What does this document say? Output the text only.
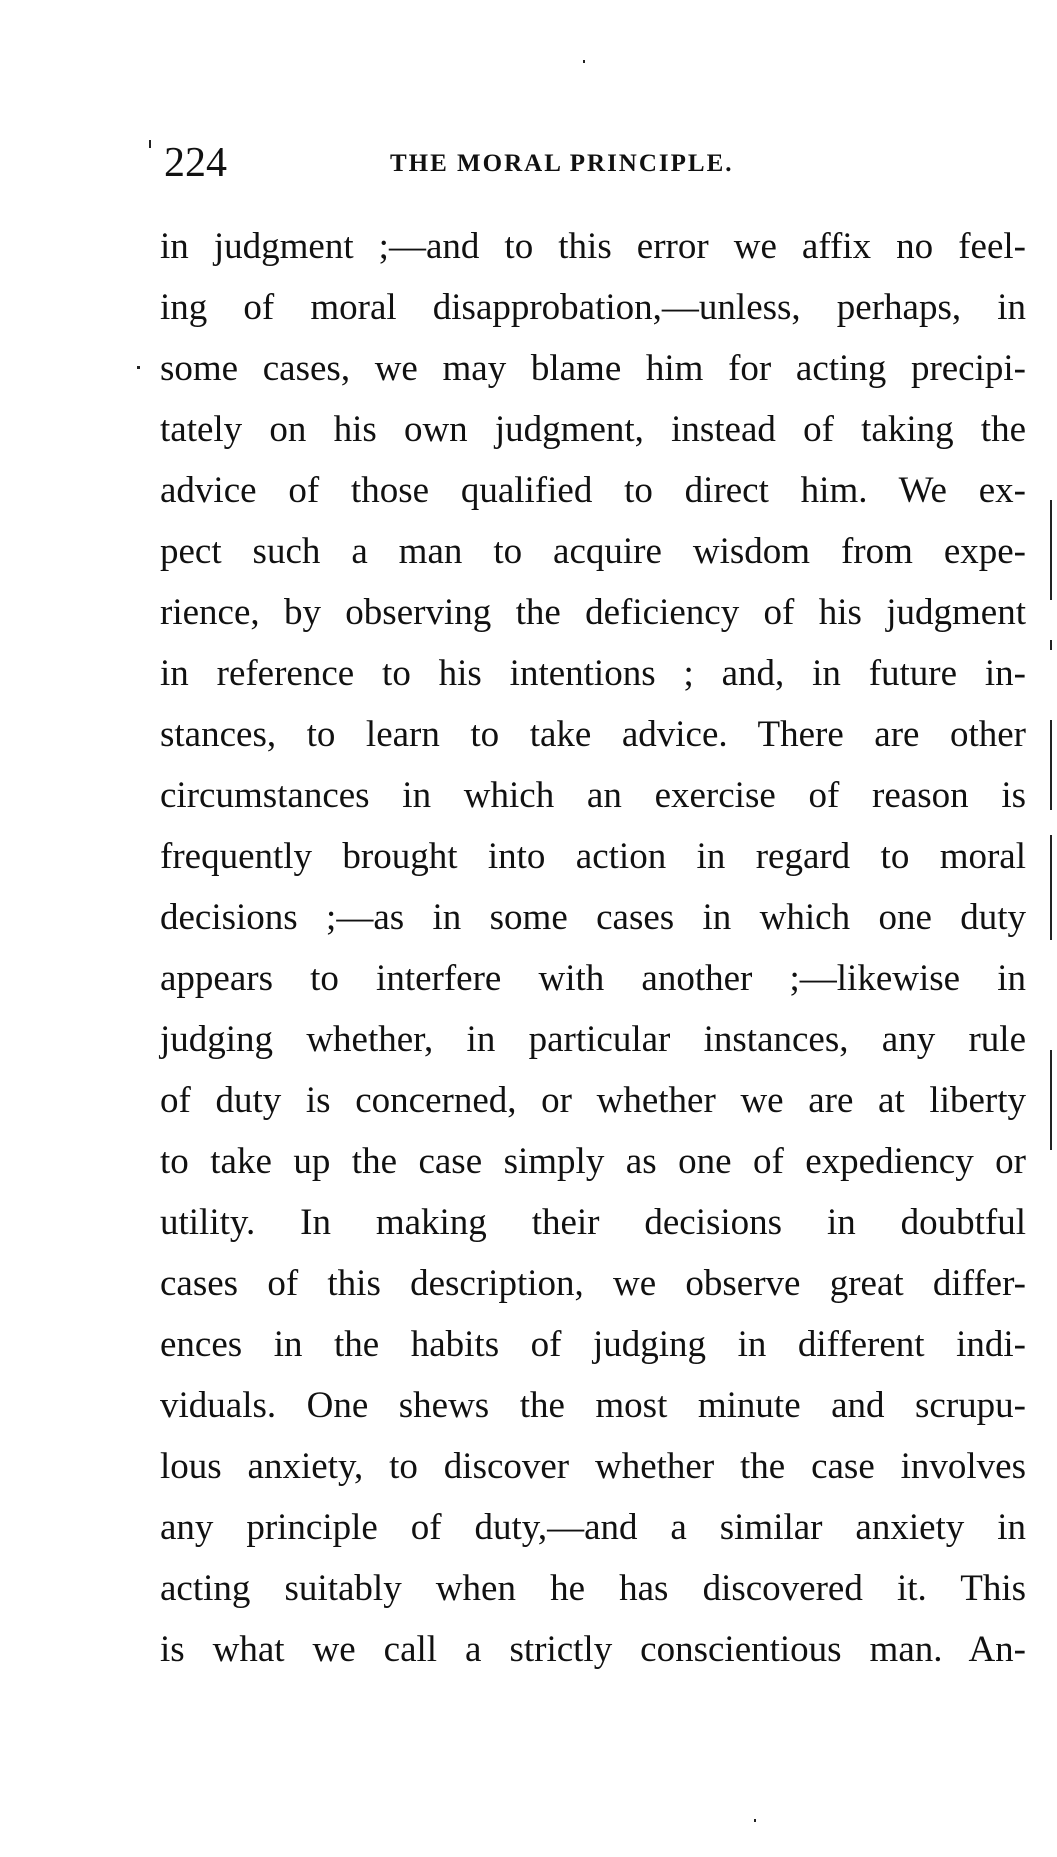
224	THE MORAL PRINCIPLE.
in judgment ;—and to this error we affix no feel-
ing of moral disapprobation,—unless, perhaps, in
some cases, we may blame him for acting precipi-
tately on his own judgment, instead of taking the
advice of those qualified to direct him. We ex-
pect such a man to acquire wisdom from expe-
rience, by observing the deficiency of his judgment
in reference to his intentions ; and, in future in-
stances, to learn to take advice. There are other
circumstances in which an exercise of reason is
frequently brought into action in regard to moral
decisions ;—as in some cases in which one duty
appears to interfere with another ;—likewise in
judging whether, in particular instances, any rule
of duty is concerned, or whether we are at liberty
to take up the case simply as one of expediency or
utility. In making their decisions in doubtful
cases of this description, we observe great differ-
ences in the habits of judging in different indi-
viduals. One shews the most minute and scrupu-
lous anxiety, to discover whether the case involves
any principle of duty,—and a similar anxiety in
acting suitably when he has discovered it. This
is what we call a strictly conscientious man. An-
